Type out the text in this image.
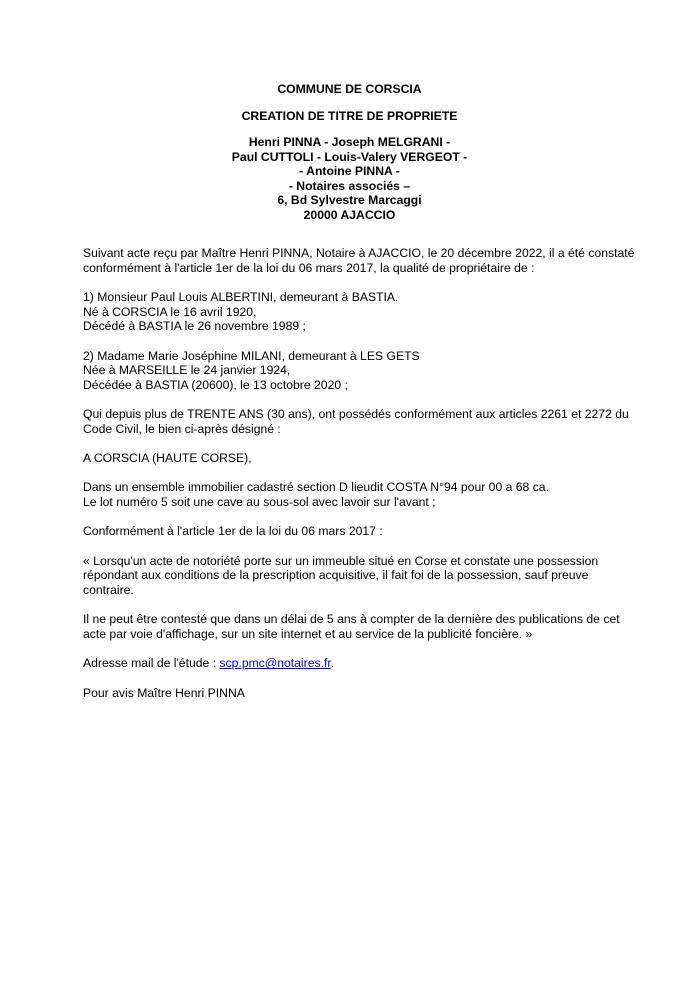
COMMUNE DE CORSCIA
CREATION DE TITRE DE PROPRIETE
Henri PINNA - Joseph MELGRANI -
Paul CUTTOLI - Louis-Valery VERGEOT -
- Antoine PINNA -
- Notaires associés –
6, Bd Sylvestre Marcaggi
20000 AJACCIO

Suivant acte reçu par Maître Henri PINNA, Notaire à AJACCIO, le 20 décembre 2022, il a été constaté
conformément à l'article 1er de la loi du 06 mars 2017, la qualité de propriétaire de :

1) Monsieur Paul Louis ALBERTINI, demeurant à BASTIA.
Né à CORSCIA le 16 avril 1920,
Décédé à BASTIA le 26 novembre 1989 ;

2) Madame Marie Joséphine MILANI, demeurant à LES GETS
Née à MARSEILLE le 24 janvier 1924,
Décédée à BASTIA (20600), le 13 octobre 2020 ;

Qui depuis plus de TRENTE ANS (30 ans), ont possédés conformément aux articles 2261 et 2272 du
Code Civil, le bien ci-après désigné :

A CORSCIA (HAUTE CORSE),

Dans un ensemble immobilier cadastré section D lieudit COSTA N°94 pour 00 a 68 ca.
Le lot numéro 5 soit une cave au sous-sol avec lavoir sur l'avant ;

Conformément à l'article 1er de la loi du 06 mars 2017 :

« Lorsqu'un acte de notoriété porte sur un immeuble situé en Corse et constate une possession
répondant aux conditions de la prescription acquisitive, il fait foi de la possession, sauf preuve
contraire.

Il ne peut être contesté que dans un délai de 5 ans à compter de la dernière des publications de cet
acte par voie d'affichage, sur un site internet et au service de la publicité foncière. »

Adresse mail de l'étude : scp.pmc@notaires.fr.

Pour avis Maître Henri PINNA
